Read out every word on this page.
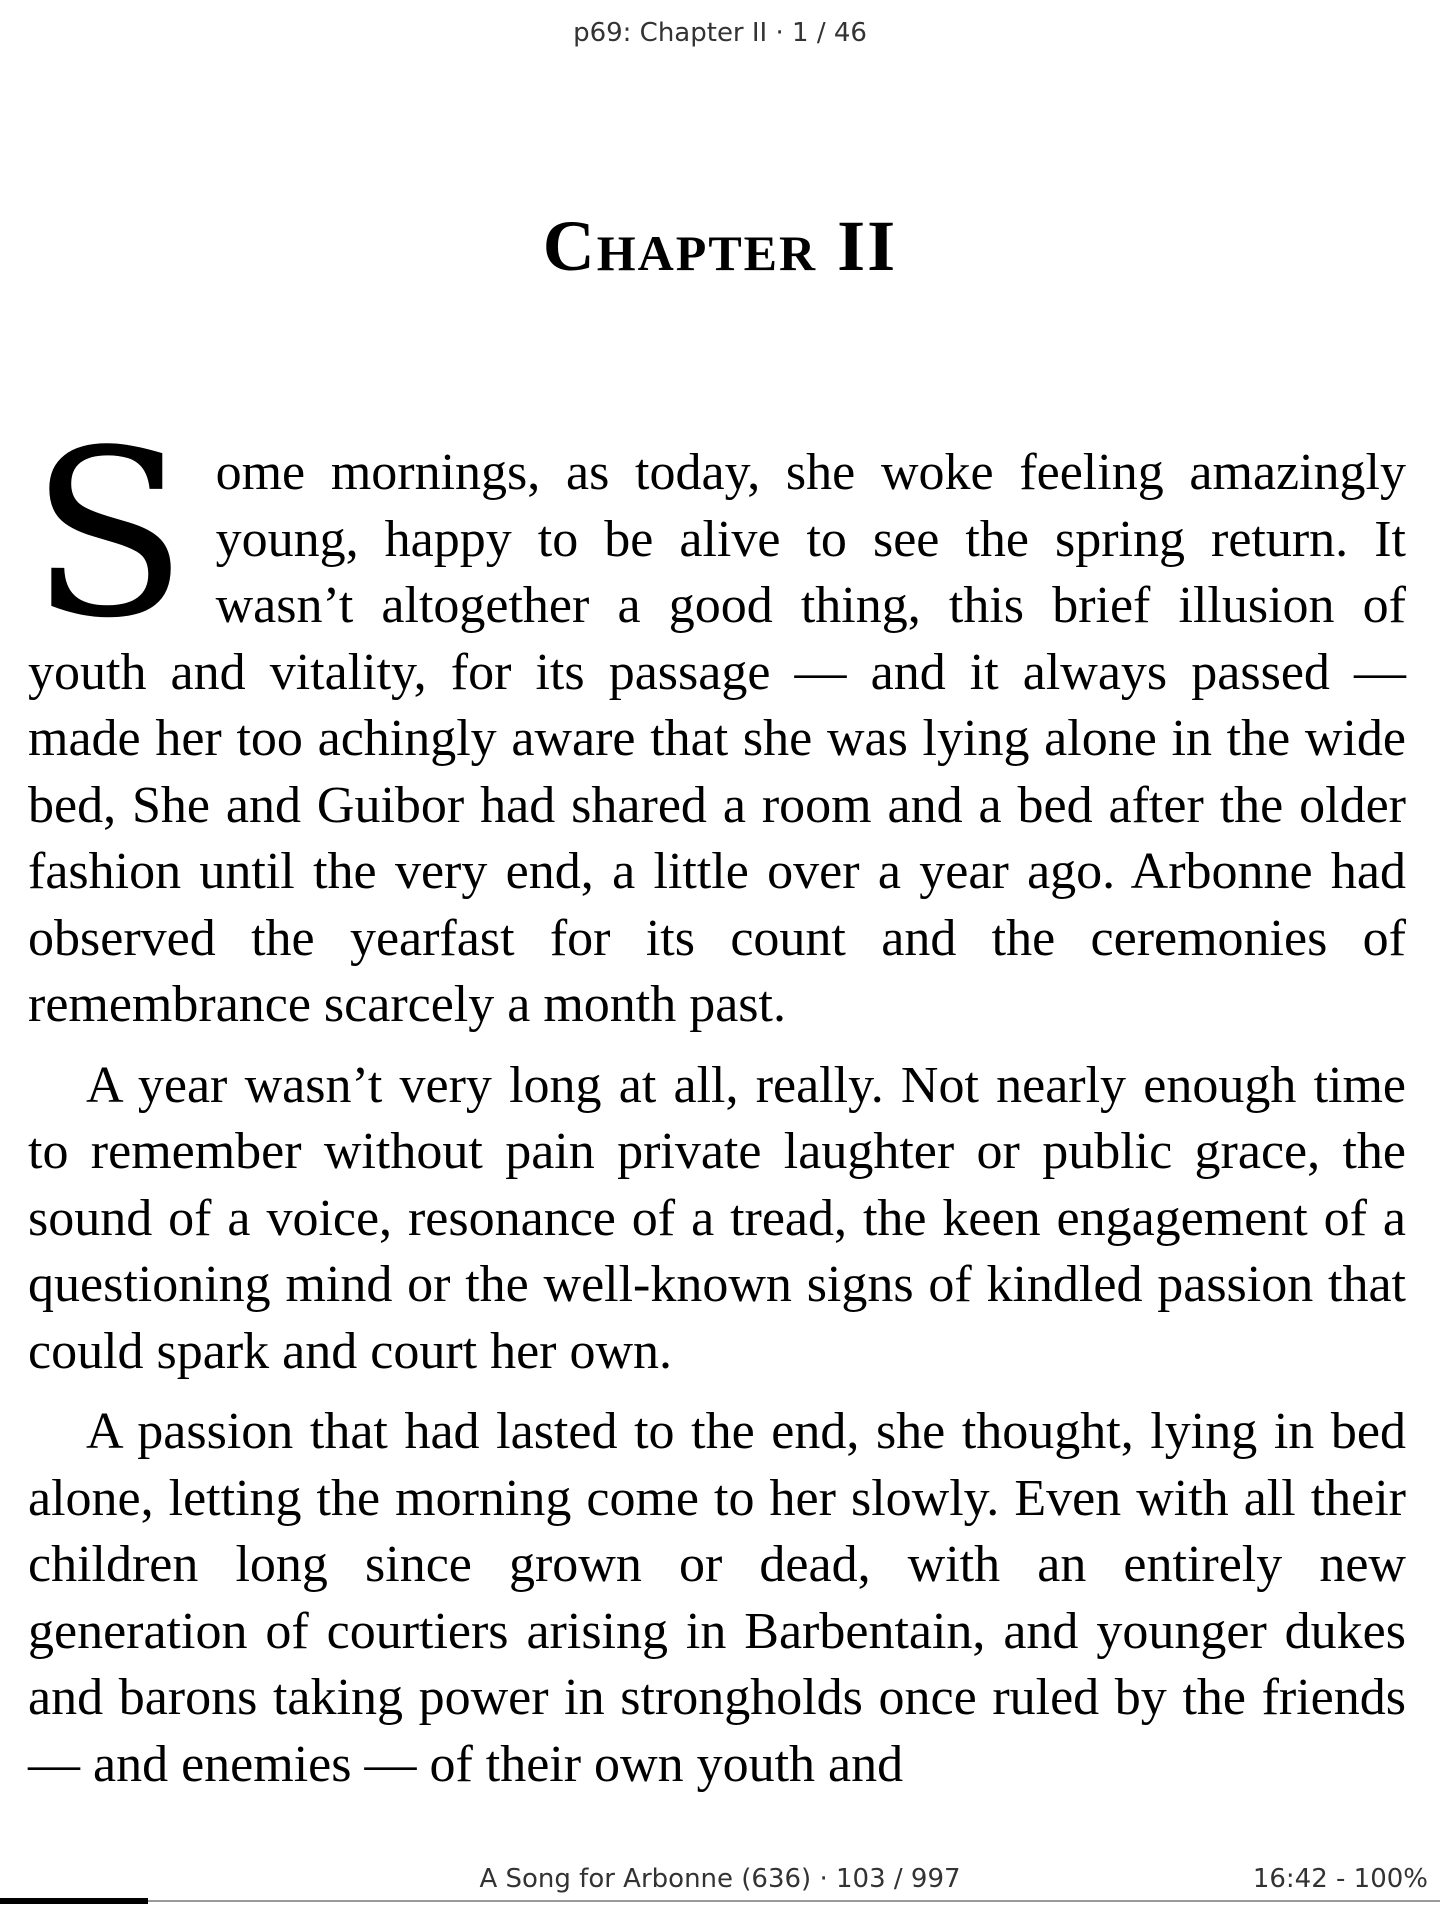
p69: Chapter II · 1 / 46
Chapter II

Some mornings, as today, she woke feeling amazingly young, happy to be alive to see the spring return. It wasn’t altogether a good thing, this brief illusion of youth and vitality, for its passage — and it always passed — made her too achingly aware that she was lying alone in the wide bed, She and Guibor had shared a room and a bed after the older fashion until the very end, a little over a year ago. Arbonne had observed the yearfast for its count and the ceremonies of remembrance scarcely a month past.

A year wasn’t very long at all, really. Not nearly enough time to remember without pain private laughter or public grace, the sound of a voice, resonance of a tread, the keen engagement of a questioning mind or the well-known signs of kindled passion that could spark and court her own.

A passion that had lasted to the end, she thought, lying in bed alone, letting the morning come to her slowly. Even with all their children long since grown or dead, with an entirely new generation of courtiers arising in Barbentain, and younger dukes and barons taking power in strongholds once ruled by the friends — and enemies — of their own youth and

A Song for Arbonne (636) · 103 / 997	16:42 - 100%
